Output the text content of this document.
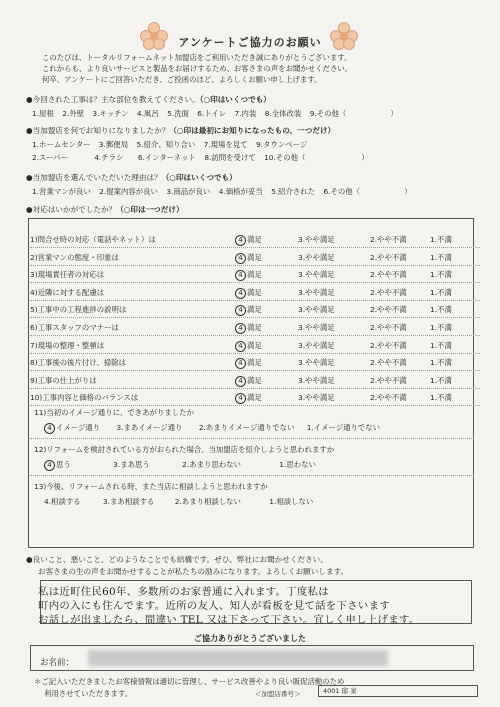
アンケートご協力のお願い
このたびは、トータルリフォームネット加盟店をご利用いただき誠にありがとうございます。
これからも、より良いサービスと製品をお届けするため、お客さまの声をお聞かせください。
何卒、アンケートにご回答いただき、ご投函のほど、よろしくお願い申し上げます。
●今回された工事は？主な部位を教えてください。（○印はいくつでも）
1.屋根 2.外壁 3.キッチン 4.風呂 5.洗面 6.トイレ 7.内装 8.全体改装 9.その他（	）
●当加盟店を何でお知りになりましたか？（○印は最初にお知りになったもの、一つだけ）
1.ホームセンター 3.郵便局 5.紹介、知り合い 7.現場を見て 9.タウンページ
2.スーパー	4.チラシ 6.インターネット 8.訪問を受けて 10.その他（	）
●当加盟店を選んでいただいた理由は？（○印はいくつでも）
1.営業マンが良い 2.提案内容が良い 3.商品が良い 4.価格が妥当 5.紹介された 6.その他（	）
●対応はいかがでしたか？（○印は一つだけ）
1)問合せ時の対応（電話やネット）は	4 満足	3.やや満足	2.やや不満	1.不満
2)営業マンの態度・印象は	4 満足	3.やや満足	2.やや不満	1.不満
3)現場責任者の対応は	4 満足	3.やや満足	2.やや不満	1.不満
4)近隣に対する配慮は	4 満足	3.やや満足	2.やや不満	1.不満
5)工事中の工程進捗の説明は	4 満足	3.やや満足	2.やや不満	1.不満
6)工事スタッフのマナーは	4 満足	3.やや満足	2.やや不満	1.不満
7)現場の整理・整頓は	4 満足	3.やや満足	2.やや不満	1.不満
8)工事後の後片付け、掃除は	4 満足	3.やや満足	2.やや不満	1.不満
9)工事の仕上がりは	4 満足	3.やや満足	2.やや不満	1.不満
10)工事内容と価格のバランスは	4 満足	3.やや満足	2.やや不満	1.不満
11)当初のイメージ通りに、できあがりましたか
4 イメージ通り 3.まあイメージ通り 2.あまりイメージ通りでない 1.イメージ通りでない
12)リフォームを検討されている方がおられた場合、当加盟店を紹介しようと思われますか
4 思う	3.まあ思う	2.あまり思わない	1.思わない
13)今後、リフォームされる時、また当店に相談しようと思われますか
4.相談する	3.まあ相談する	2.あまり相談しない	1.相談しない
●良いこと、悪いこと、どのようなことでも結構です。ぜひ、弊社にお聞かせください。
お客さまの生の声をお聞かせすることが私たちの励みになります。よろしくお願いします。
私は近町住民60年、多数所のお家普通に入れます。丁度私は
町内の入にも住んでます。近所の友人、知人が看板を見て話を下さいます
お話しが出ましたら、間違い TEL 又は下さって下さい。宜しく申し上げます。
ご協力ありがとうございました
お名前：
＊ご記入いただきましたお客様情報は適切に管理し、サービス改善やより良い販促活動のため
利用させていただきます。	＜加盟店番号＞	4001 邸 案
